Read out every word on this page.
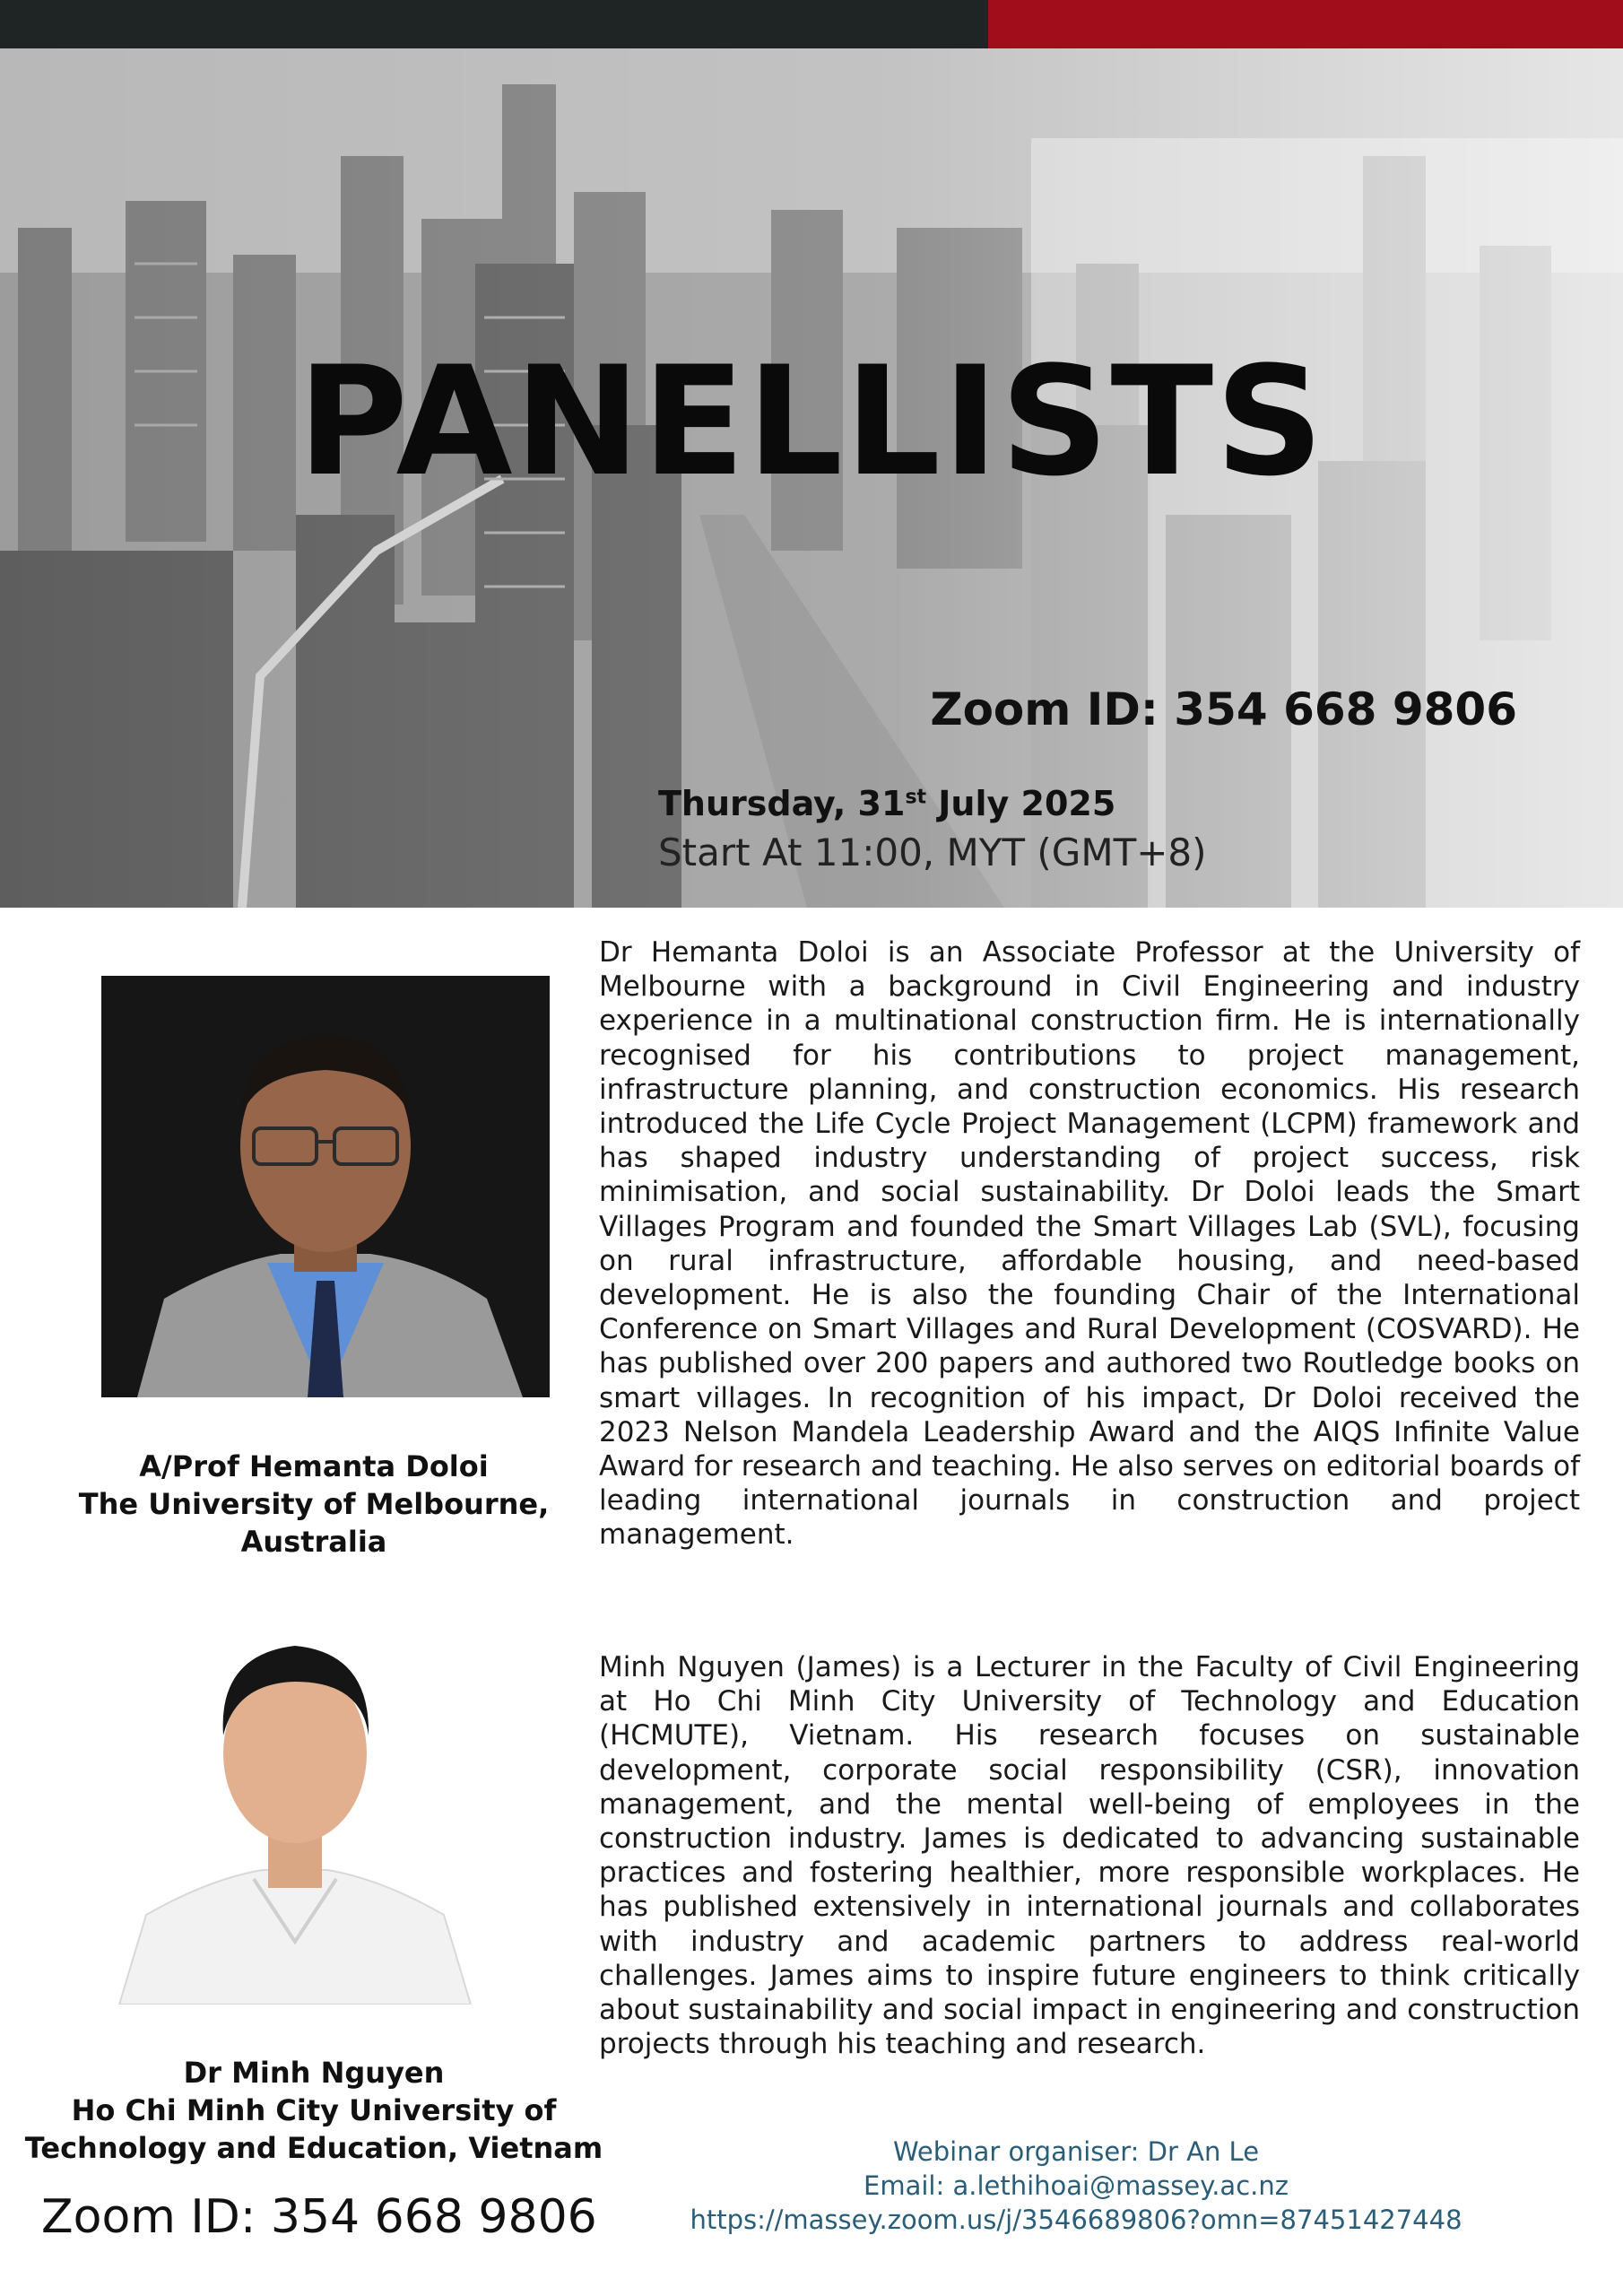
PANELLISTS
Zoom ID: 354 668 9806
Thursday, 31st July 2025
Start At 11:00, MYT (GMT+8)
A/Prof Hemanta Doloi
The University of Melbourne,
Australia
Dr Minh Nguyen
Ho Chi Minh City University of
Technology and Education, Vietnam
Dr Hemanta Doloi is an Associate Professor at the University of Melbourne with a background in Civil Engineering and industry experience in a multinational construction firm. He is internationally recognised for his contributions to project management, infrastructure planning, and construction economics. His research introduced the Life Cycle Project Management (LCPM) framework and has shaped industry understanding of project success, risk minimisation, and social sustainability. Dr Doloi leads the Smart Villages Program and founded the Smart Villages Lab (SVL), focusing on rural infrastructure, affordable housing, and need-based development. He is also the founding Chair of the International Conference on Smart Villages and Rural Development (COSVARD). He has published over 200 papers and authored two Routledge books on smart villages. In recognition of his impact, Dr Doloi received the 2023 Nelson Mandela Leadership Award and the AIQS Infinite Value Award for research and teaching. He also serves on editorial boards of leading international journals in construction and project management.
Minh Nguyen (James) is a Lecturer in the Faculty of Civil Engineering at Ho Chi Minh City University of Technology and Education (HCMUTE), Vietnam. His research focuses on sustainable development, corporate social responsibility (CSR), innovation management, and the mental well-being of employees in the construction industry. James is dedicated to advancing sustainable practices and fostering healthier, more responsible workplaces. He has published extensively in international journals and collaborates with industry and academic partners to address real-world challenges. James aims to inspire future engineers to think critically about sustainability and social impact in engineering and construction projects through his teaching and research.
Zoom ID: 354 668 9806
Webinar organiser: Dr An Le
Email: a.lethihoai@massey.ac.nz
https://massey.zoom.us/j/3546689806?omn=87451427448
